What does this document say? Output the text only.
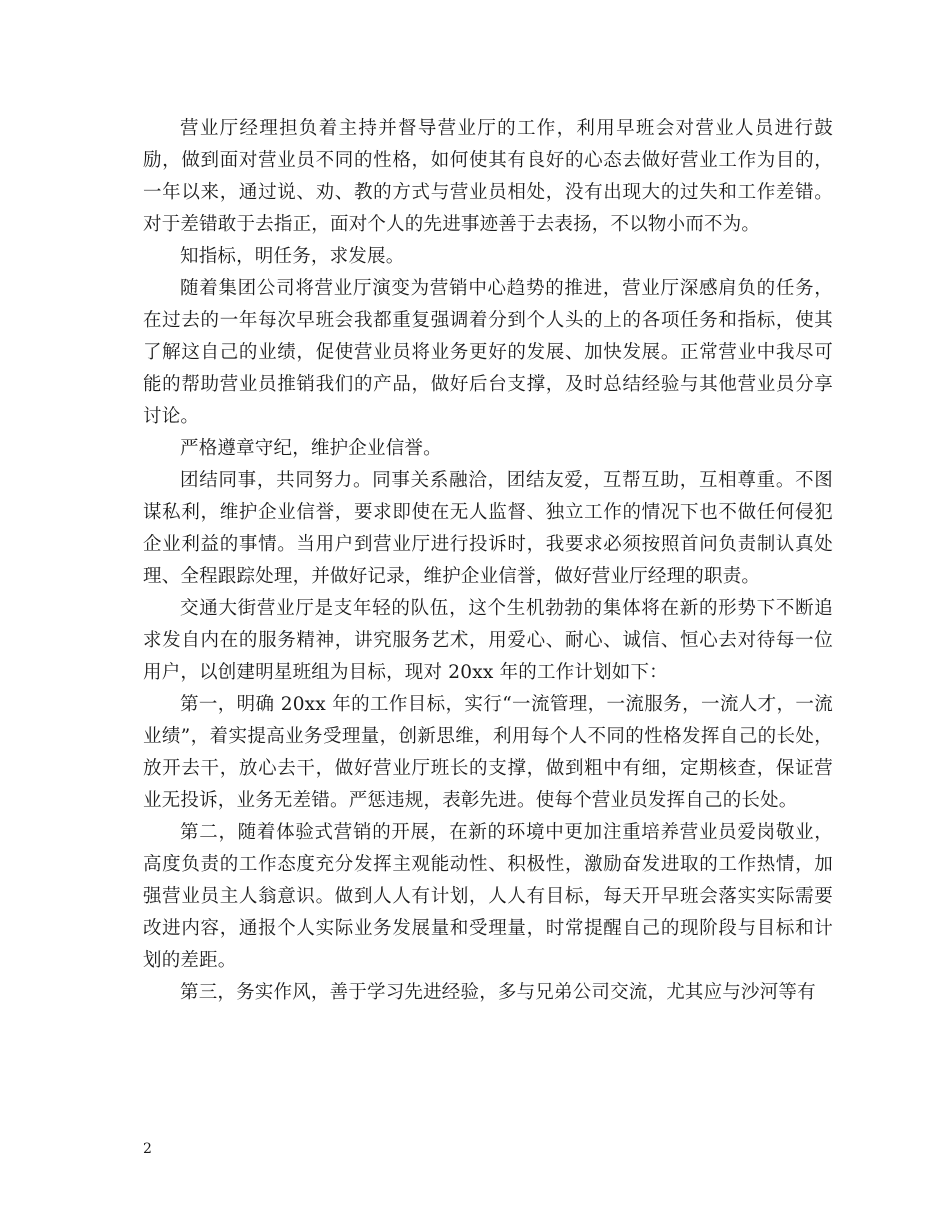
营业厅经理担负着主持并督导营业厅的工作，利用早班会对营业人员进行鼓励，做到面对营业员不同的性格，如何使其有良好的心态去做好营业工作为目的，一年以来，通过说、劝、教的方式与营业员相处，没有出现大的过失和工作差错。对于差错敢于去指正，面对个人的先进事迹善于去表扬，不以物小而不为。

知指标，明任务，求发展。

随着集团公司将营业厅演变为营销中心趋势的推进，营业厅深感肩负的任务，在过去的一年每次早班会我都重复强调着分到个人头的上的各项任务和指标，使其了解这自己的业绩，促使营业员将业务更好的发展、加快发展。正常营业中我尽可能的帮助营业员推销我们的产品，做好后台支撑，及时总结经验与其他营业员分享讨论。

严格遵章守纪，维护企业信誉。

团结同事，共同努力。同事关系融洽，团结友爱，互帮互助，互相尊重。不图谋私利，维护企业信誉，要求即使在无人监督、独立工作的情况下也不做任何侵犯企业利益的事情。当用户到营业厅进行投诉时，我要求必须按照首问负责制认真处理、全程跟踪处理，并做好记录，维护企业信誉，做好营业厅经理的职责。

交通大街营业厅是支年轻的队伍，这个生机勃勃的集体将在新的形势下不断追求发自内在的服务精神，讲究服务艺术，用爱心、耐心、诚信、恒心去对待每一位用户，以创建明星班组为目标，现对 20xx 年的工作计划如下：

第一，明确 20xx 年的工作目标，实行“一流管理，一流服务，一流人才，一流业绩”，着实提高业务受理量，创新思维，利用每个人不同的性格发挥自己的长处，放开去干，放心去干，做好营业厅班长的支撑，做到粗中有细，定期核查，保证营业无投诉，业务无差错。严惩违规，表彰先进。使每个营业员发挥自己的长处。

第二，随着体验式营销的开展，在新的环境中更加注重培养营业员爱岗敬业，高度负责的工作态度充分发挥主观能动性、积极性，激励奋发进取的工作热情，加强营业员主人翁意识。做到人人有计划，人人有目标，每天开早班会落实实际需要改进内容，通报个人实际业务发展量和受理量，时常提醒自己的现阶段与目标和计划的差距。

第三，务实作风，善于学习先进经验，多与兄弟公司交流，尤其应与沙河等有

2
